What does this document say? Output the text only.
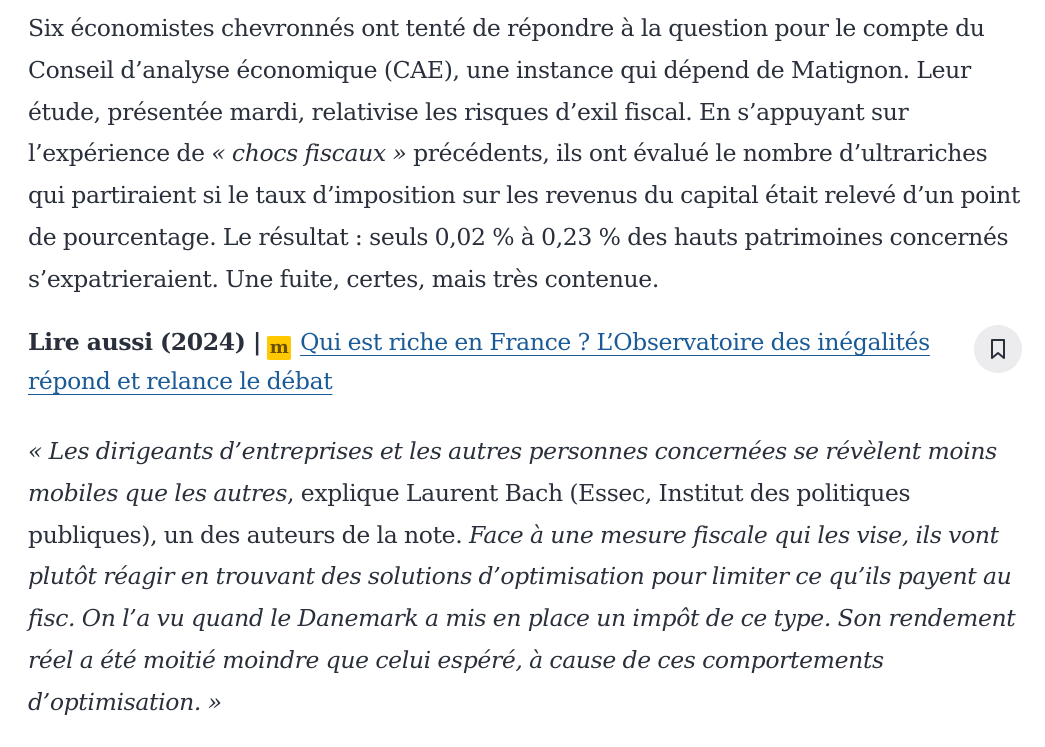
Six économistes chevronnés ont tenté de répondre à la question pour le compte du Conseil d’analyse économique (CAE), une instance qui dépend de Matignon. Leur étude, présentée mardi, relativise les risques d’exil fiscal. En s’appuyant sur l’expérience de « chocs fiscaux » précédents, ils ont évalué le nombre d’ultrariches qui partiraient si le taux d’imposition sur les revenus du capital était relevé d’un point de pourcentage. Le résultat : seuls 0,02 % à 0,23 % des hauts patrimoines concernés s’expatrieraient. Une fuite, certes, mais très contenue.

Lire aussi (2024) | m Qui est riche en France ? L’Observatoire des inégalités répond et relance le débat

« Les dirigeants d’entreprises et les autres personnes concernées se révèlent moins mobiles que les autres, explique Laurent Bach (Essec, Institut des politiques publiques), un des auteurs de la note. Face à une mesure fiscale qui les vise, ils vont plutôt réagir en trouvant des solutions d’optimisation pour limiter ce qu’ils payent au fisc. On l’a vu quand le Danemark a mis en place un impôt de ce type. Son rendement réel a été moitié moindre que celui espéré, à cause de ces comportements d’optimisation. »
